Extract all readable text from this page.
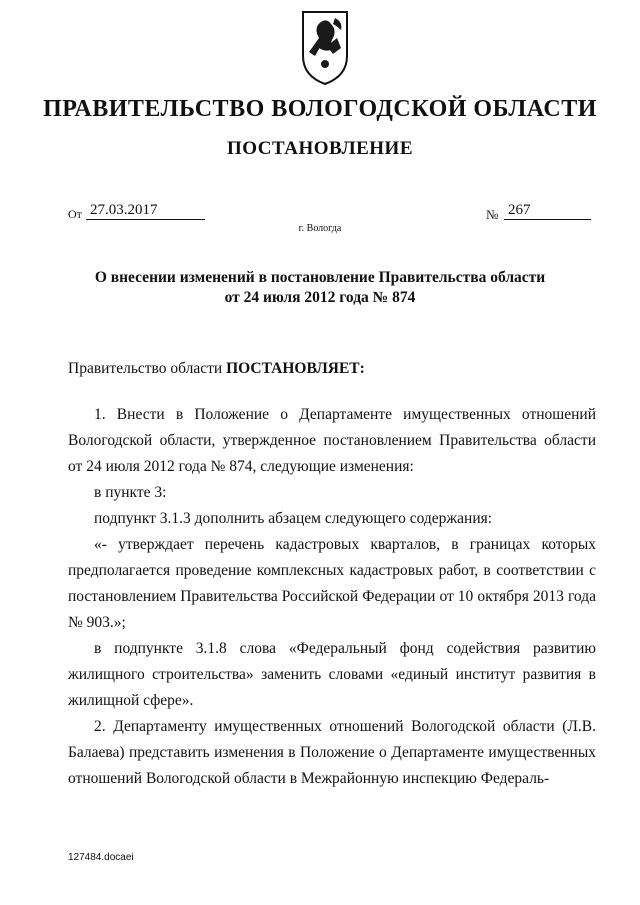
ПРАВИТЕЛЬСТВО ВОЛОГОДСКОЙ ОБЛАСТИ
ПОСТАНОВЛЕНИЕ
От 27.03.2017	№ 267
г. Вологда
О внесении изменений в постановление Правительства области
от 24 июля 2012 года № 874
Правительство области ПОСТАНОВЛЯЕТ:

1. Внести в Положение о Департаменте имущественных отношений Вологодской области, утвержденное постановлением Правительства области от 24 июля 2012 года № 874, следующие изменения:

в пункте 3:

подпункт 3.1.3 дополнить абзацем следующего содержания:

«- утверждает перечень кадастровых кварталов, в границах которых предполагается проведение комплексных кадастровых работ, в соответствии с постановлением Правительства Российской Федерации от 10 октября 2013 года № 903.»;

в подпункте 3.1.8 слова «Федеральный фонд содействия развитию жилищного строительства» заменить словами «единый институт развития в жилищной сфере».

2. Департаменту имущественных отношений Вологодской области (Л.В. Балаева) представить изменения в Положение о Департаменте имущественных отношений Вологодской области в Межрайонную инспекцию Федераль-

127484.docaei
